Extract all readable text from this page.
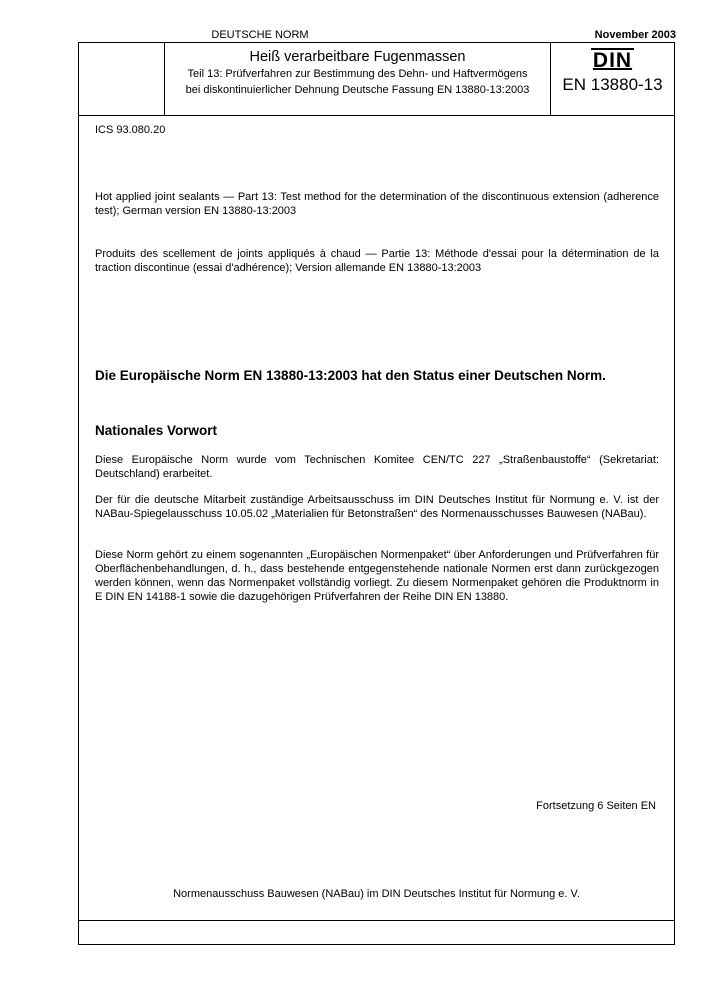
DEUTSCHE NORM	November 2003
Heiß verarbeitbare Fugenmassen
Teil 13: Prüfverfahren zur Bestimmung des Dehn- und Haftvermögens
bei diskontinuierlicher Dehnung Deutsche Fassung EN 13880-13:2003
DIN
EN 13880-13
ICS 93.080.20
Hot applied joint sealants — Part 13: Test method for the determination of the discontinuous extension (adherence test); German version EN 13880-13:2003
Produits des scellement de joints appliqués à chaud — Partie 13: Méthode d'essai pour la détermination de la traction discontinue (essai d'adhérence); Version allemande EN 13880-13:2003
Die Europäische Norm EN 13880-13:2003 hat den Status einer Deutschen Norm.
Nationales Vorwort
Diese Europäische Norm wurde vom Technischen Komitee CEN/TC 227 „Straßenbaustoffe“ (Sekretariat: Deutschland) erarbeitet.
Der für die deutsche Mitarbeit zuständige Arbeitsausschuss im DIN Deutsches Institut für Normung e. V. ist der NABau-Spiegelausschuss 10.05.02 „Materialien für Betonstraßen“ des Normenausschusses Bauwesen (NABau).
Diese Norm gehört zu einem sogenannten „Europäischen Normenpaket“ über Anforderungen und Prüfverfahren für Oberflächenbehandlungen, d. h., dass bestehende entgegenstehende nationale Normen erst dann zurückgezogen werden können, wenn das Normenpaket vollständig vorliegt. Zu diesem Normenpaket gehören die Produktnorm in E DIN EN 14188-1 sowie die dazugehörigen Prüfverfahren der Reihe DIN EN 13880.
Fortsetzung 6 Seiten EN
Normenausschuss Bauwesen (NABau) im DIN Deutsches Institut für Normung e. V.
